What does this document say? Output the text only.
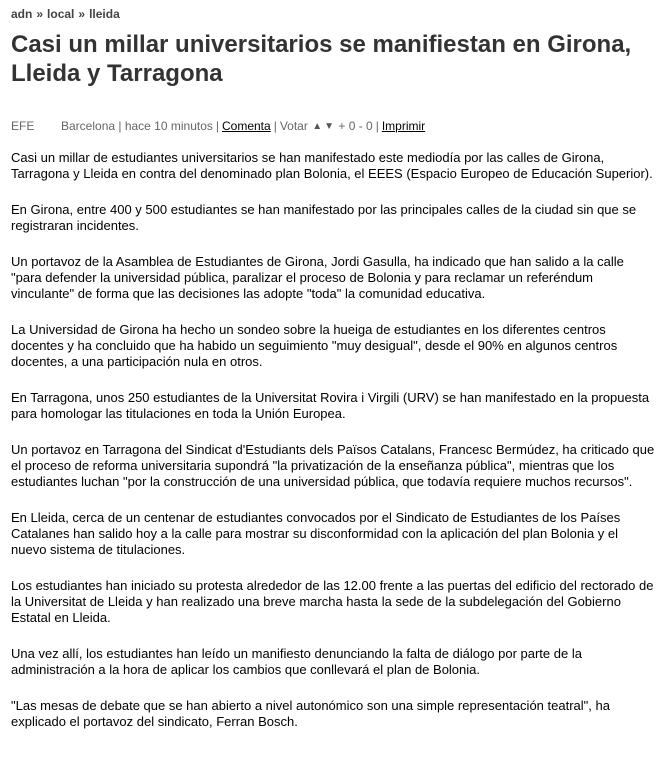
adn » local » lleida
Casi un millar universitarios se manifiestan en Girona, Lleida y Tarragona
EFE Barcelona | hace 10 minutos | Comenta | Votar ▲ ▼ + 0 - 0 | Imprimir

Casi un millar de estudiantes universitarios se han manifestado este mediodía por las calles de Girona, Tarragona y Lleida en contra del denominado plan Bolonia, el EEES (Espacio Europeo de Educación Superior).

En Girona, entre 400 y 500 estudiantes se han manifestado por las principales calles de la ciudad sin que se registraran incidentes.

Un portavoz de la Asamblea de Estudiantes de Girona, Jordi Gasulla, ha indicado que han salido a la calle "para defender la universidad pública, paralizar el proceso de Bolonia y para reclamar un referéndum vinculante" de forma que las decisiones las adopte "toda" la comunidad educativa.

La Universidad de Girona ha hecho un sondeo sobre la hueiga de estudiantes en los diferentes centros docentes y ha concluido que ha habido un seguimiento "muy desigual", desde el 90% en algunos centros docentes, a una participación nula en otros.

En Tarragona, unos 250 estudiantes de la Universitat Rovira i Virgili (URV) se han manifestado en la propuesta para homologar las titulaciones en toda la Unión Europea.

Un portavoz en Tarragona del Sindicat d'Estudiants dels Països Catalans, Francesc Bermúdez, ha criticado que el proceso de reforma universitaria supondrá "la privatización de la enseñanza pública", mientras que los estudiantes luchan "por la construcción de una universidad pública, que todavía requiere muchos recursos".

En Lleida, cerca de un centenar de estudiantes convocados por el Sindicato de Estudiantes de los Países Catalanes han salido hoy a la calle para mostrar su disconformidad con la aplicación del plan Bolonia y el nuevo sistema de titulaciones.

Los estudiantes han iniciado su protesta alrededor de las 12.00 frente a las puertas del edificio del rectorado de la Universitat de Lleida y han realizado una breve marcha hasta la sede de la subdelegación del Gobierno Estatal en Lleida.

Una vez allí, los estudiantes han leído un manifiesto denunciando la falta de diálogo por parte de la administración a la hora de aplicar los cambios que conllevará el plan de Bolonia.

"Las mesas de debate que se han abierto a nivel autonómico son una simple representación teatral", ha explicado el portavoz del sindicato, Ferran Bosch.
